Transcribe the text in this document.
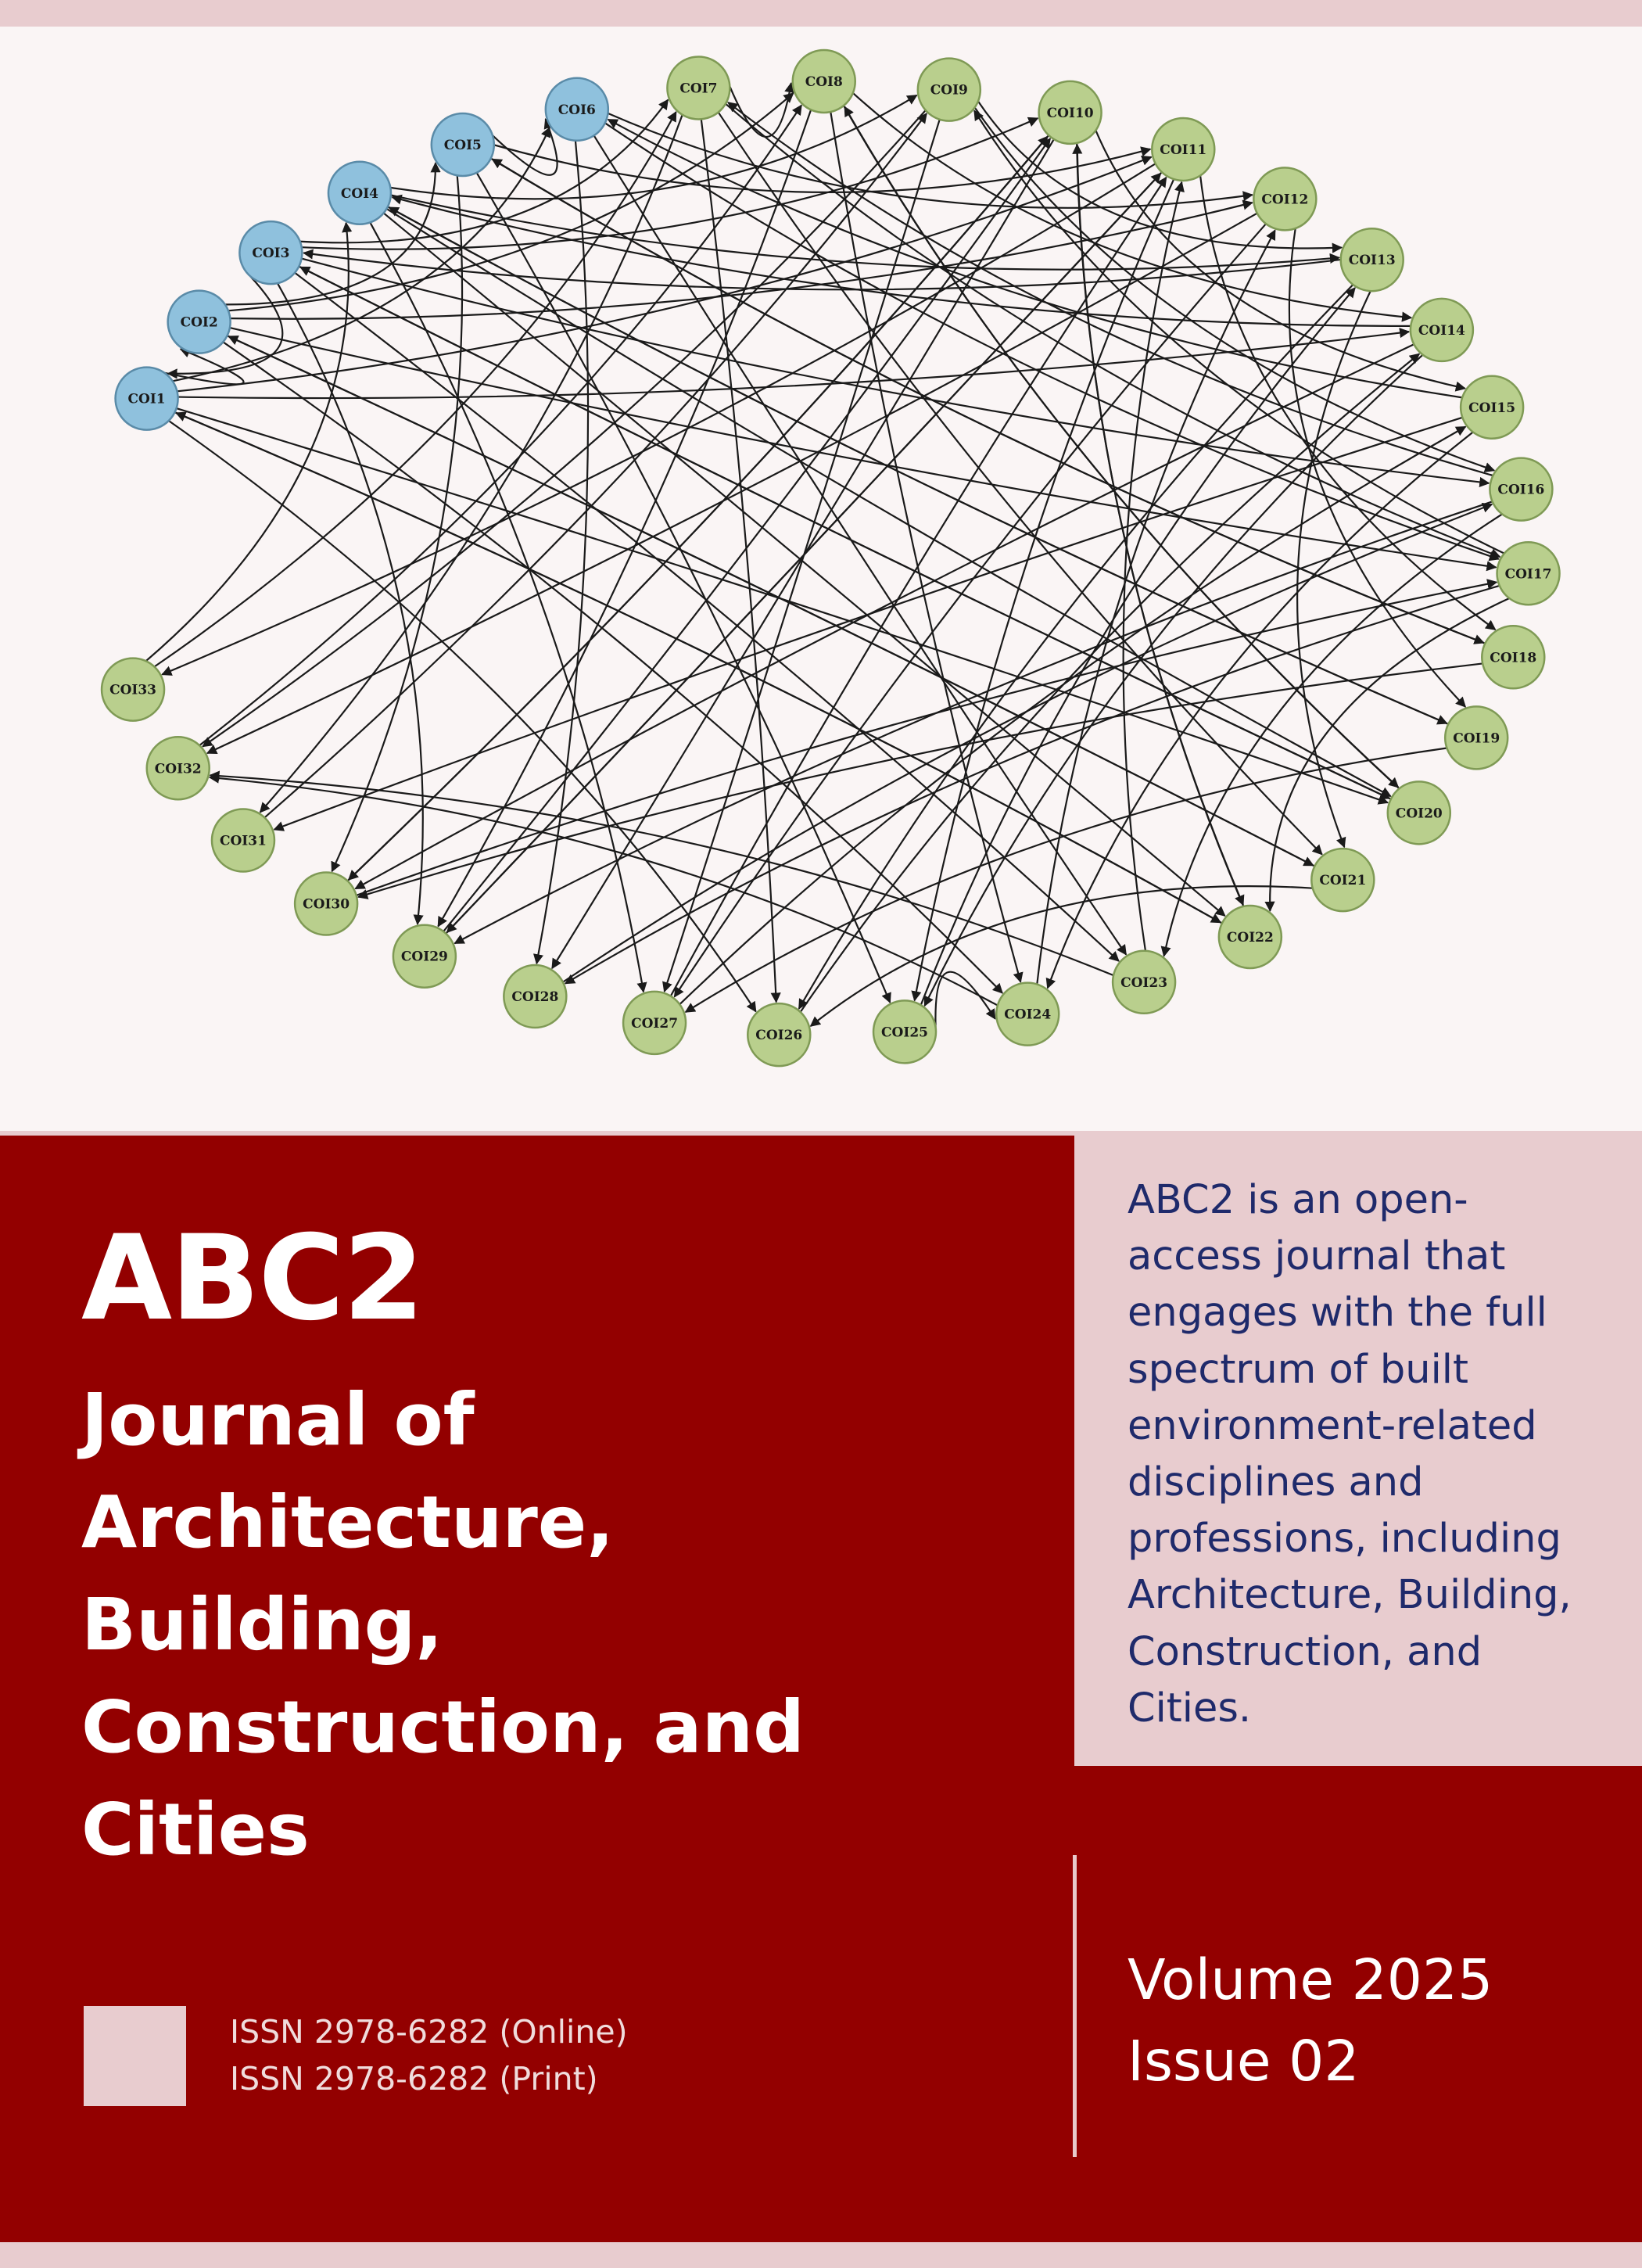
COI1
COI2
COI3
COI4
COI5
COI6
COI7	COI8
COI9
COI10
COI11
COI12
COI13
COI14
COI15
COI16
COI17
COI18
COI19
COI20
COI21
COI22
COI23
COI24
COI25
COI26
COI27
COI28
COI29
COI30
COI31
COI32
COI33
ABC2
Journal of
Architecture,
Building,
Construction, and
Cities
ISSN 2978-6282 (Online)
ISSN 2978-6282 (Print)
ABC2 is an open-
access journal that
engages with the full
spectrum of built
environment-related
disciplines and
professions, including
Architecture, Building,
Construction, and
Cities.
Volume 2025
Issue 02
